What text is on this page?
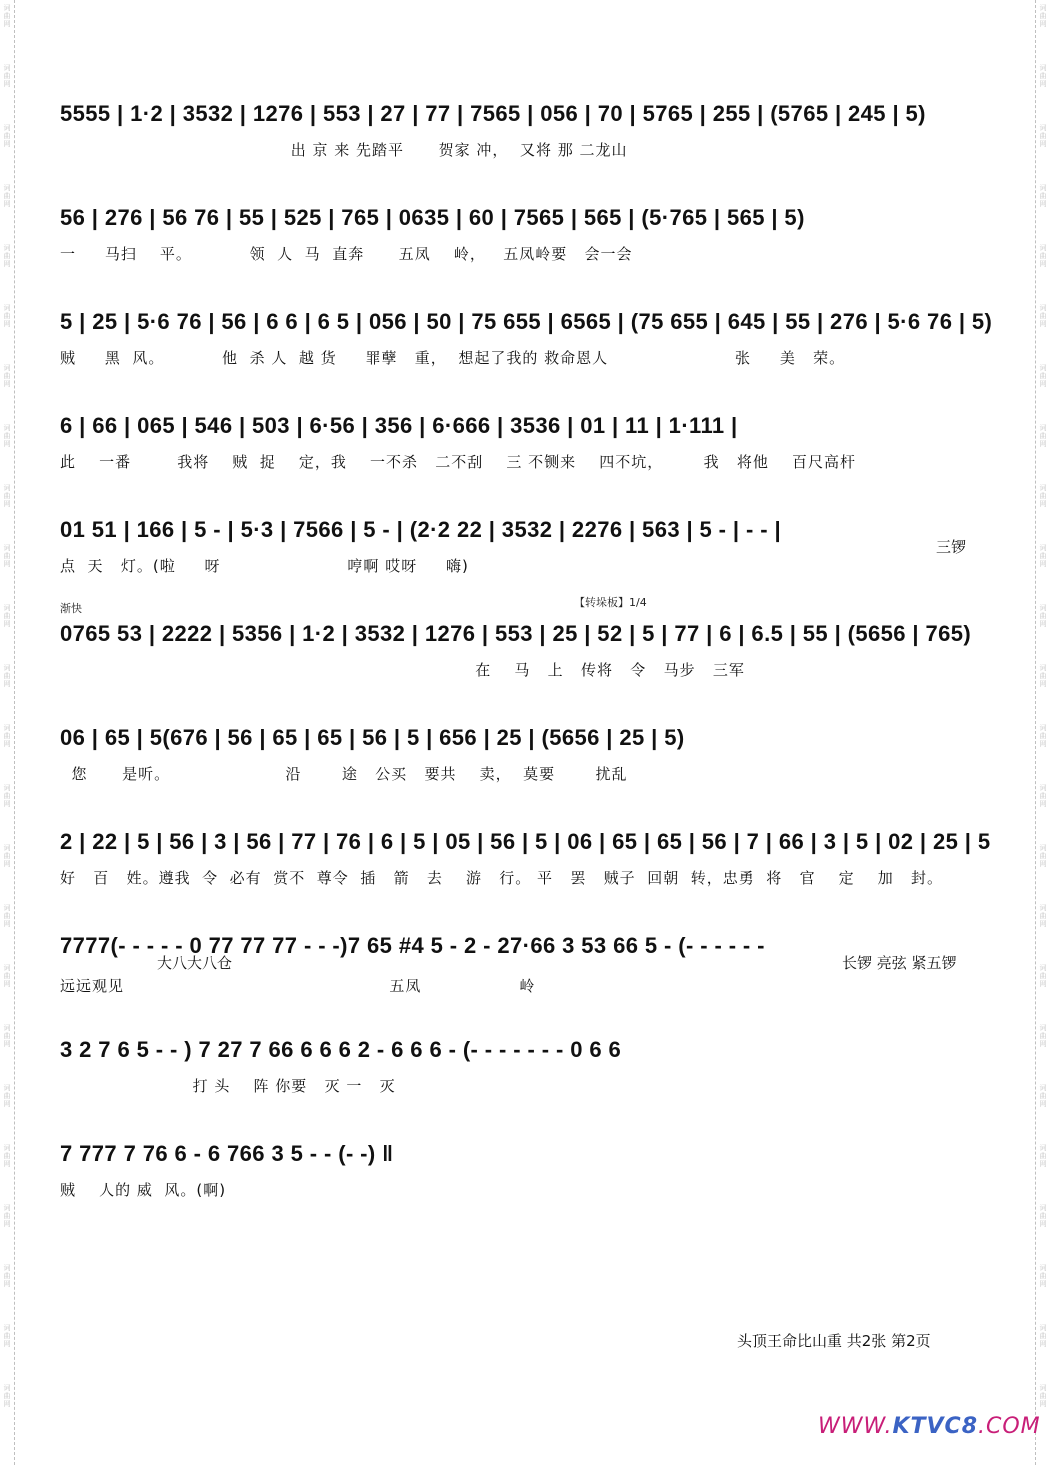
词
曲
网
词
曲
网
词
曲
网
词
曲
网
词
曲
网
词
曲
网
词
曲
网
词
曲
网
词
曲
网
词
曲
网
词
曲
网
词
曲
网
词
曲
网
词
曲
网
词
曲
网
词
曲
网
词
曲
网
词
曲
网
词
曲
网
词
曲
网
词
曲
网
词
曲
网
词
曲
网
词
曲
网
词
曲
网
词
曲
网
词
曲
网
词
曲
网
词
曲
网
词
曲
网
词
曲
网
词
曲
网
词
曲
网
词
曲
网
词
曲
网
词
曲
网
词
曲
网
词
曲
网
词
曲
网
词
曲
网
词
曲
网
词
曲
网
词
曲
网
词
曲
网
词
曲
网
词
曲
网
词
曲
网
词
曲
网
5555 | 1·2 | 3532 | 1276 | 553 | 27 | 77 | 7565 | 056 | 70 | 5765 | 255 | (5765 | 245 | 5)
出 京 来 先踏平      贺家 冲，  又将 那 二龙山
56 | 276 | 56 76 | 55 | 525 | 765 | 0635 | 60 | 7565 | 565 | (5·765 | 565 | 5)
一     马扫    平。          领  人  马  直奔      五凤    岭，   五凤岭要   会一会
5 | 25 | 5·6 76 | 56 | 6 6 | 6 5 | 056 | 50 | 75 655 | 6565 | (75 655 | 645 | 55 | 276 | 5·6 76 | 5)
贼     黑  风。          他  杀 人  越 货     罪孽   重，  想起了我的 救命恩人                      张     美   荣。
6 | 66 | 065 | 546 | 503 | 6·56 | 356 | 6·666 | 3536 | 01 | 11 | 1·111 |
此    一番        我将    贼  捉    定，我    一不杀   二不刮    三 不铡来    四不坑，       我   将他    百尺高杆
01 51 | 166 | 5 - | 5·3 | 7566 | 5 - | (2·2 22 | 3532 | 2276 | 563 | 5 - | - - |
点  天   灯。(啦     呀                      哼啊 哎呀     嗨)
三锣
渐快	【转垛板】1/4
0765 53 | 2222 | 5356 | 1·2 | 3532 | 1276 | 553 | 25 | 52 | 5 | 77 | 6 | 6.5 | 55 | (5656 | 765)
在    马   上   传将   令   马步   三军
06 | 65 | 5(676 | 56 | 65 | 65 | 56 | 5 | 656 | 25 | (5656 | 25 | 5)
您      是听。                    沿       途   公买   要共    卖，  莫要       扰乱
2 | 22 | 5 | 56 | 3 | 56 | 77 | 76 | 6 | 5 | 05 | 56 | 5 | 06 | 65 | 65 | 56 | 7 | 66 | 3 | 5 | 02 | 25 | 5
好   百   姓。遵我  令  必有  赏不  尊令  插   箭   去    游   行。 平   罢   贼子  回朝  转，忠勇  将   官    定    加   封。
7777(- - - - - 0 77 77 77 - - -)7 65 #4 5 - 2 - 27·66 3 53 66 5 - (- - - - - -
大八大八仓	长锣 亮弦 紧五锣
远远观见                                              五凤                 岭
3 2 7 6 5 - - ) 7 27 7 66 6 6 6 2 - 6 6 6 - (- - - - - - - 0 6 6
打 头    阵 你要   灭 一   灭
7 777 7 76 6 - 6 766 3 5 - - (- -) ‖
贼    人的 威  风。(啊)
头顶王命比山重 共2张 第2页
WWW.KTVC8.COM
